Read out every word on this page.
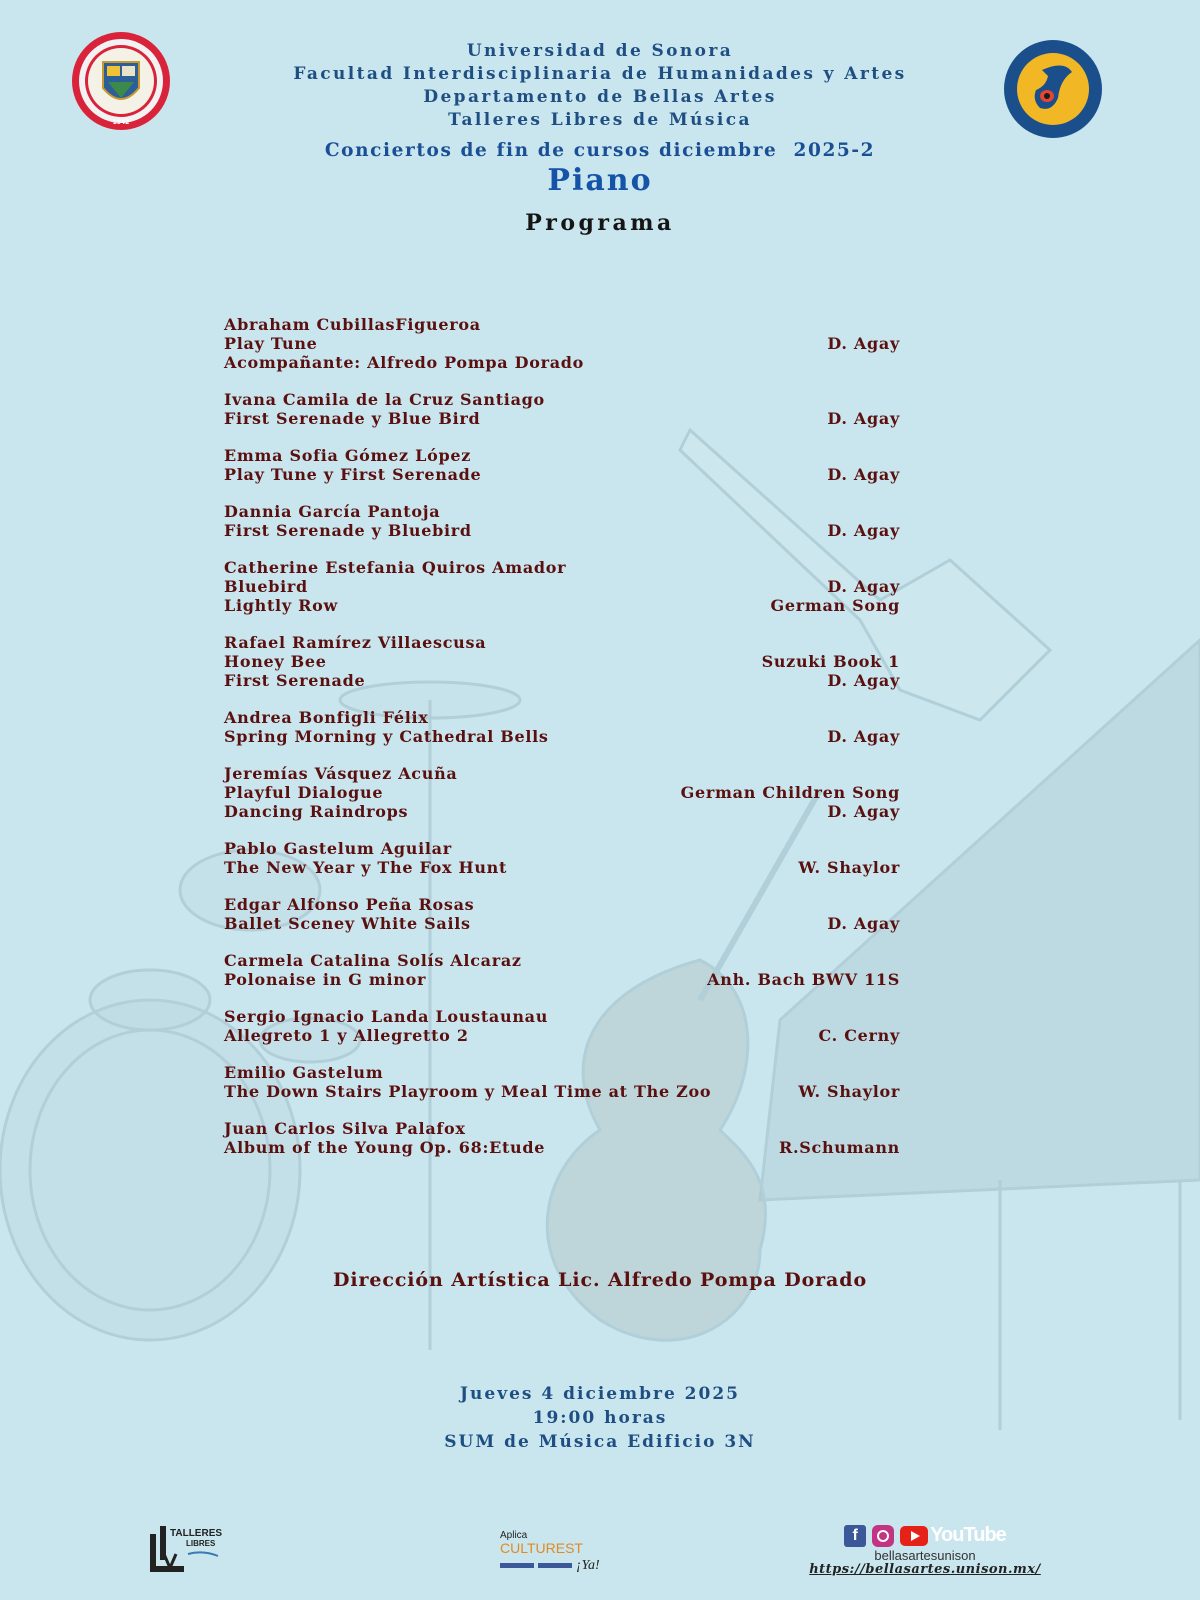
1942
Universidad de Sonora
Facultad Interdisciplinaria de Humanidades y Artes
Departamento de Bellas Artes
Talleres Libres de Música
Conciertos de fin de cursos diciembre  2025-2
Piano
Programa
Abraham CubillasFigueroa
Play Tune	D. Agay
Acompañante: Alfredo Pompa Dorado
Ivana Camila de la Cruz Santiago
First Serenade y Blue Bird	D. Agay
Emma Sofia Gómez López
Play Tune y First Serenade	D. Agay
Dannia García Pantoja
First Serenade y Bluebird	D. Agay
Catherine Estefania Quiros Amador
Bluebird	D. Agay
Lightly Row	German Song
Rafael Ramírez Villaescusa
Honey Bee	Suzuki Book 1
First Serenade	D. Agay
Andrea Bonfigli Félix
Spring Morning y Cathedral Bells	D. Agay
Jeremías Vásquez Acuña
Playful Dialogue	German Children Song
Dancing Raindrops	D. Agay
Pablo Gastelum Aguilar
The New Year y The Fox Hunt	W. Shaylor
Edgar Alfonso Peña Rosas
Ballet Sceney White Sails	D. Agay
Carmela Catalina Solís Alcaraz
Polonaise in G minor	Anh. Bach BWV 11S
Sergio Ignacio Landa Loustaunau
Allegreto 1 y Allegretto 2	C. Cerny
Emilio Gastelum
The Down Stairs Playroom y Meal Time at The Zoo	W. Shaylor
Juan Carlos Silva Palafox
Album of the Young Op. 68:Etude	R.Schumann
Dirección Artística Lic. Alfredo Pompa Dorado
Jueves 4 diciembre 2025
19:00 horas
SUM de Música Edificio 3N
TALLERES
LIBRES
Aplica
CULTUREST
¡Ya!
f	YouTube
bellasartesunison
https://bellasartes.unison.mx/
